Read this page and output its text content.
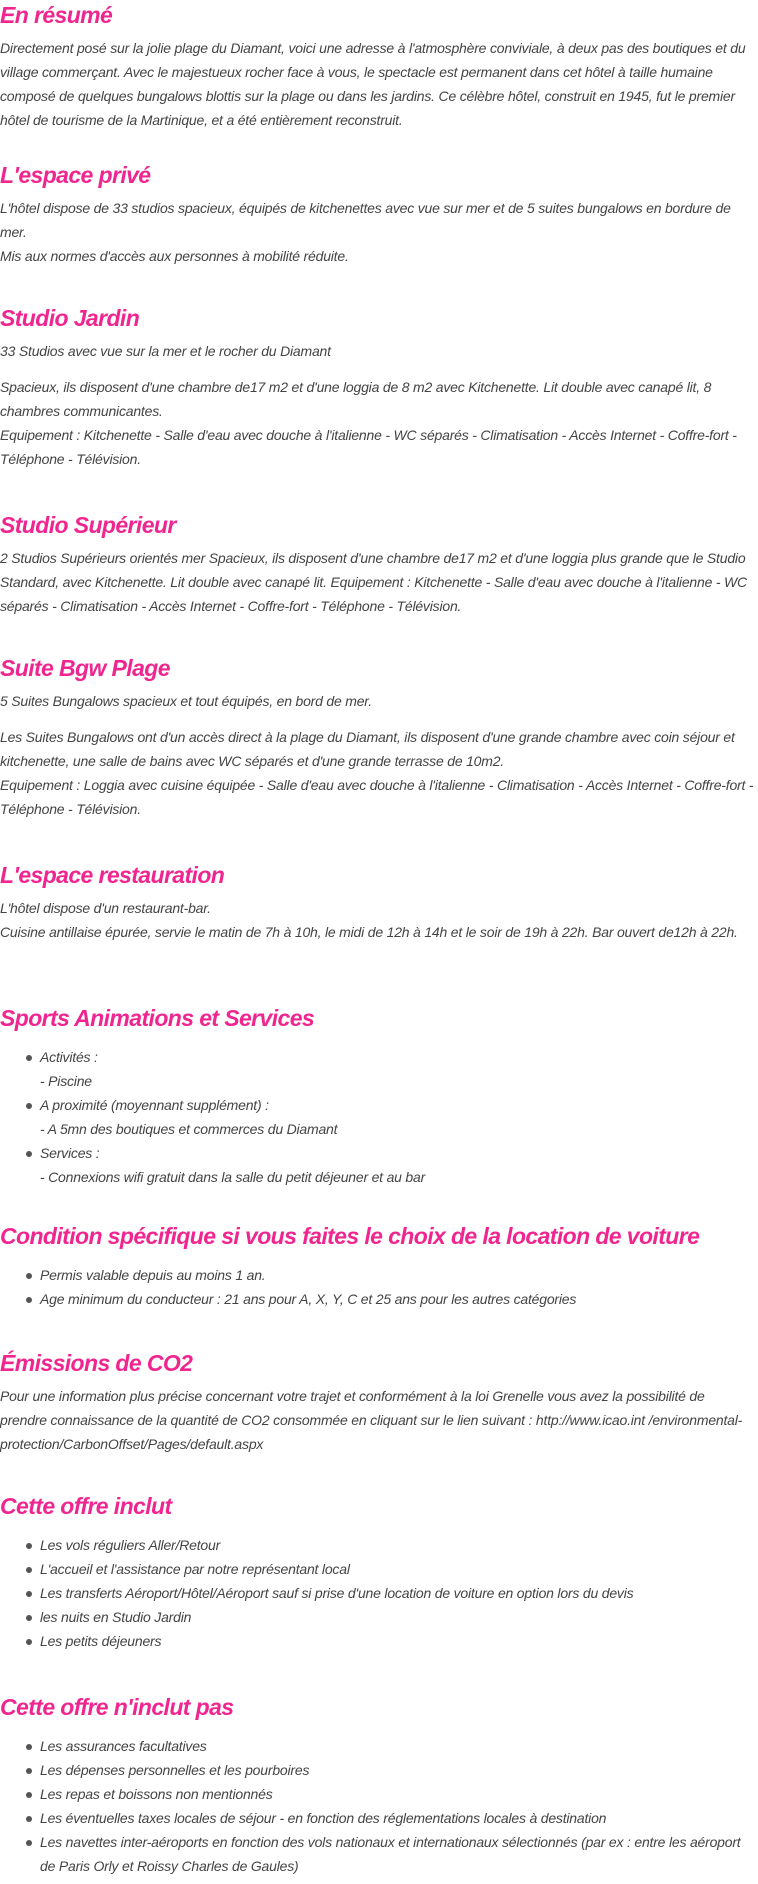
En résumé

Directement posé sur la jolie plage du Diamant, voici une adresse à l'atmosphère conviviale, à deux pas des boutiques et du village commerçant. Avec le majestueux rocher face à vous, le spectacle est permanent dans cet hôtel à taille humaine composé de quelques bungalows blottis sur la plage ou dans les jardins. Ce célèbre hôtel, construit en 1945, fut le premier hôtel de tourisme de la Martinique, et a été entièrement reconstruit.

L'espace privé

L'hôtel dispose de 33 studios spacieux, équipés de kitchenettes avec vue sur mer et de 5 suites bungalows en bordure de mer.
Mis aux normes d'accès aux personnes à mobilité réduite.

Studio Jardin

33 Studios avec vue sur la mer et le rocher du Diamant

Spacieux, ils disposent d'une chambre de17 m2 et d'une loggia de 8 m2 avec Kitchenette. Lit double avec canapé lit, 8 chambres communicantes.
Equipement : Kitchenette - Salle d'eau avec douche à l'italienne - WC séparés - Climatisation - Accès Internet - Coffre-fort - Téléphone - Télévision.

Studio Supérieur

2 Studios Supérieurs orientés mer Spacieux, ils disposent d'une chambre de17 m2 et d'une loggia plus grande que le Studio Standard, avec Kitchenette. Lit double avec canapé lit. Equipement : Kitchenette - Salle d'eau avec douche à l'italienne - WC séparés - Climatisation - Accès Internet - Coffre-fort - Téléphone - Télévision.

Suite Bgw Plage

5 Suites Bungalows spacieux et tout équipés, en bord de mer.

Les Suites Bungalows ont d'un accès direct à la plage du Diamant, ils disposent d'une grande chambre avec coin séjour et kitchenette, une salle de bains avec WC séparés et d'une grande terrasse de 10m2.
Equipement : Loggia avec cuisine équipée - Salle d'eau avec douche à l'italienne - Climatisation - Accès Internet - Coffre-fort - Téléphone - Télévision.

L'espace restauration

L'hôtel dispose d'un restaurant-bar.
Cuisine antillaise épurée, servie le matin de 7h à 10h, le midi de 12h à 14h et le soir de 19h à 22h. Bar ouvert de12h à 22h.

Sports Animations et Services
Activités :
- Piscine
A proximité (moyennant supplément) :
- A 5mn des boutiques et commerces du Diamant
Services :
- Connexions wifi gratuit dans la salle du petit déjeuner et au bar
Condition spécifique si vous faites le choix de la location de voiture
Permis valable depuis au moins 1 an.
Age minimum du conducteur : 21 ans pour A, X, Y, C et 25 ans pour les autres catégories
Émissions de CO2

Pour une information plus précise concernant votre trajet et conformément à la loi Grenelle vous avez la possibilité de prendre connaissance de la quantité de CO2 consommée en cliquant sur le lien suivant : http://www.icao.int /environmental-protection/CarbonOffset/Pages/default.aspx

Cette offre inclut
Les vols réguliers Aller/Retour
L'accueil et l'assistance par notre représentant local
Les transferts Aéroport/Hôtel/Aéroport sauf si prise d'une location de voiture en option lors du devis
les nuits en Studio Jardin
Les petits déjeuners
Cette offre n'inclut pas
Les assurances facultatives
Les dépenses personnelles et les pourboires
Les repas et boissons non mentionnés
Les éventuelles taxes locales de séjour - en fonction des réglementations locales à destination
Les navettes inter-aéroports en fonction des vols nationaux et internationaux sélectionnés (par ex : entre les aéroport de Paris Orly et Roissy Charles de Gaules)
